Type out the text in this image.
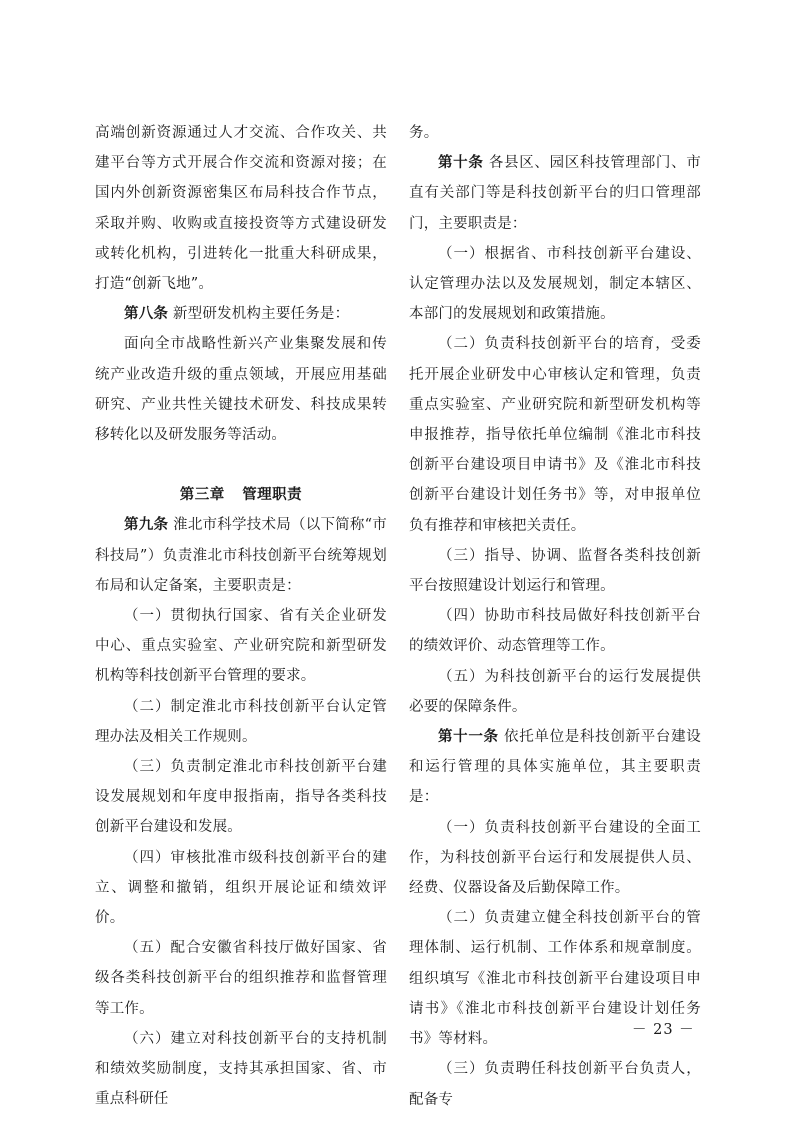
高端创新资源通过人才交流、合作攻关、共建平台等方式开展合作交流和资源对接；在国内外创新资源密集区布局科技合作节点，采取并购、收购或直接投资等方式建设研发或转化机构，引进转化一批重大科研成果，打造“创新飞地”。

第八条 新型研发机构主要任务是：

面向全市战略性新兴产业集聚发展和传统产业改造升级的重点领域，开展应用基础研究、产业共性关键技术研发、科技成果转移转化以及研发服务等活动。

第三章 管理职责

第九条 淮北市科学技术局（以下简称“市科技局”）负责淮北市科技创新平台统筹规划布局和认定备案，主要职责是：

（一）贯彻执行国家、省有关企业研发中心、重点实验室、产业研究院和新型研发机构等科技创新平台管理的要求。

（二）制定淮北市科技创新平台认定管理办法及相关工作规则。

（三）负责制定淮北市科技创新平台建设发展规划和年度申报指南，指导各类科技创新平台建设和发展。

（四）审核批准市级科技创新平台的建立、调整和撤销，组织开展论证和绩效评价。

（五）配合安徽省科技厅做好国家、省级各类科技创新平台的组织推荐和监督管理等工作。

（六）建立对科技创新平台的支持机制和绩效奖励制度，支持其承担国家、省、市重点科研任

务。

第十条 各县区、园区科技管理部门、市直有关部门等是科技创新平台的归口管理部门，主要职责是：

（一）根据省、市科技创新平台建设、认定管理办法以及发展规划，制定本辖区、本部门的发展规划和政策措施。

（二）负责科技创新平台的培育，受委托开展企业研发中心审核认定和管理，负责重点实验室、产业研究院和新型研发机构等申报推荐，指导依托单位编制《淮北市科技创新平台建设项目申请书》及《淮北市科技创新平台建设计划任务书》等，对申报单位负有推荐和审核把关责任。

（三）指导、协调、监督各类科技创新平台按照建设计划运行和管理。

（四）协助市科技局做好科技创新平台的绩效评价、动态管理等工作。

（五）为科技创新平台的运行发展提供必要的保障条件。

第十一条 依托单位是科技创新平台建设和运行管理的具体实施单位，其主要职责是：

（一）负责科技创新平台建设的全面工作，为科技创新平台运行和发展提供人员、经费、仪器设备及后勤保障工作。

（二）负责建立健全科技创新平台的管理体制、运行机制、工作体系和规章制度。组织填写《淮北市科技创新平台建设项目申请书》《淮北市科技创新平台建设计划任务书》等材料。

（三）负责聘任科技创新平台负责人，配备专

－ 23 －
